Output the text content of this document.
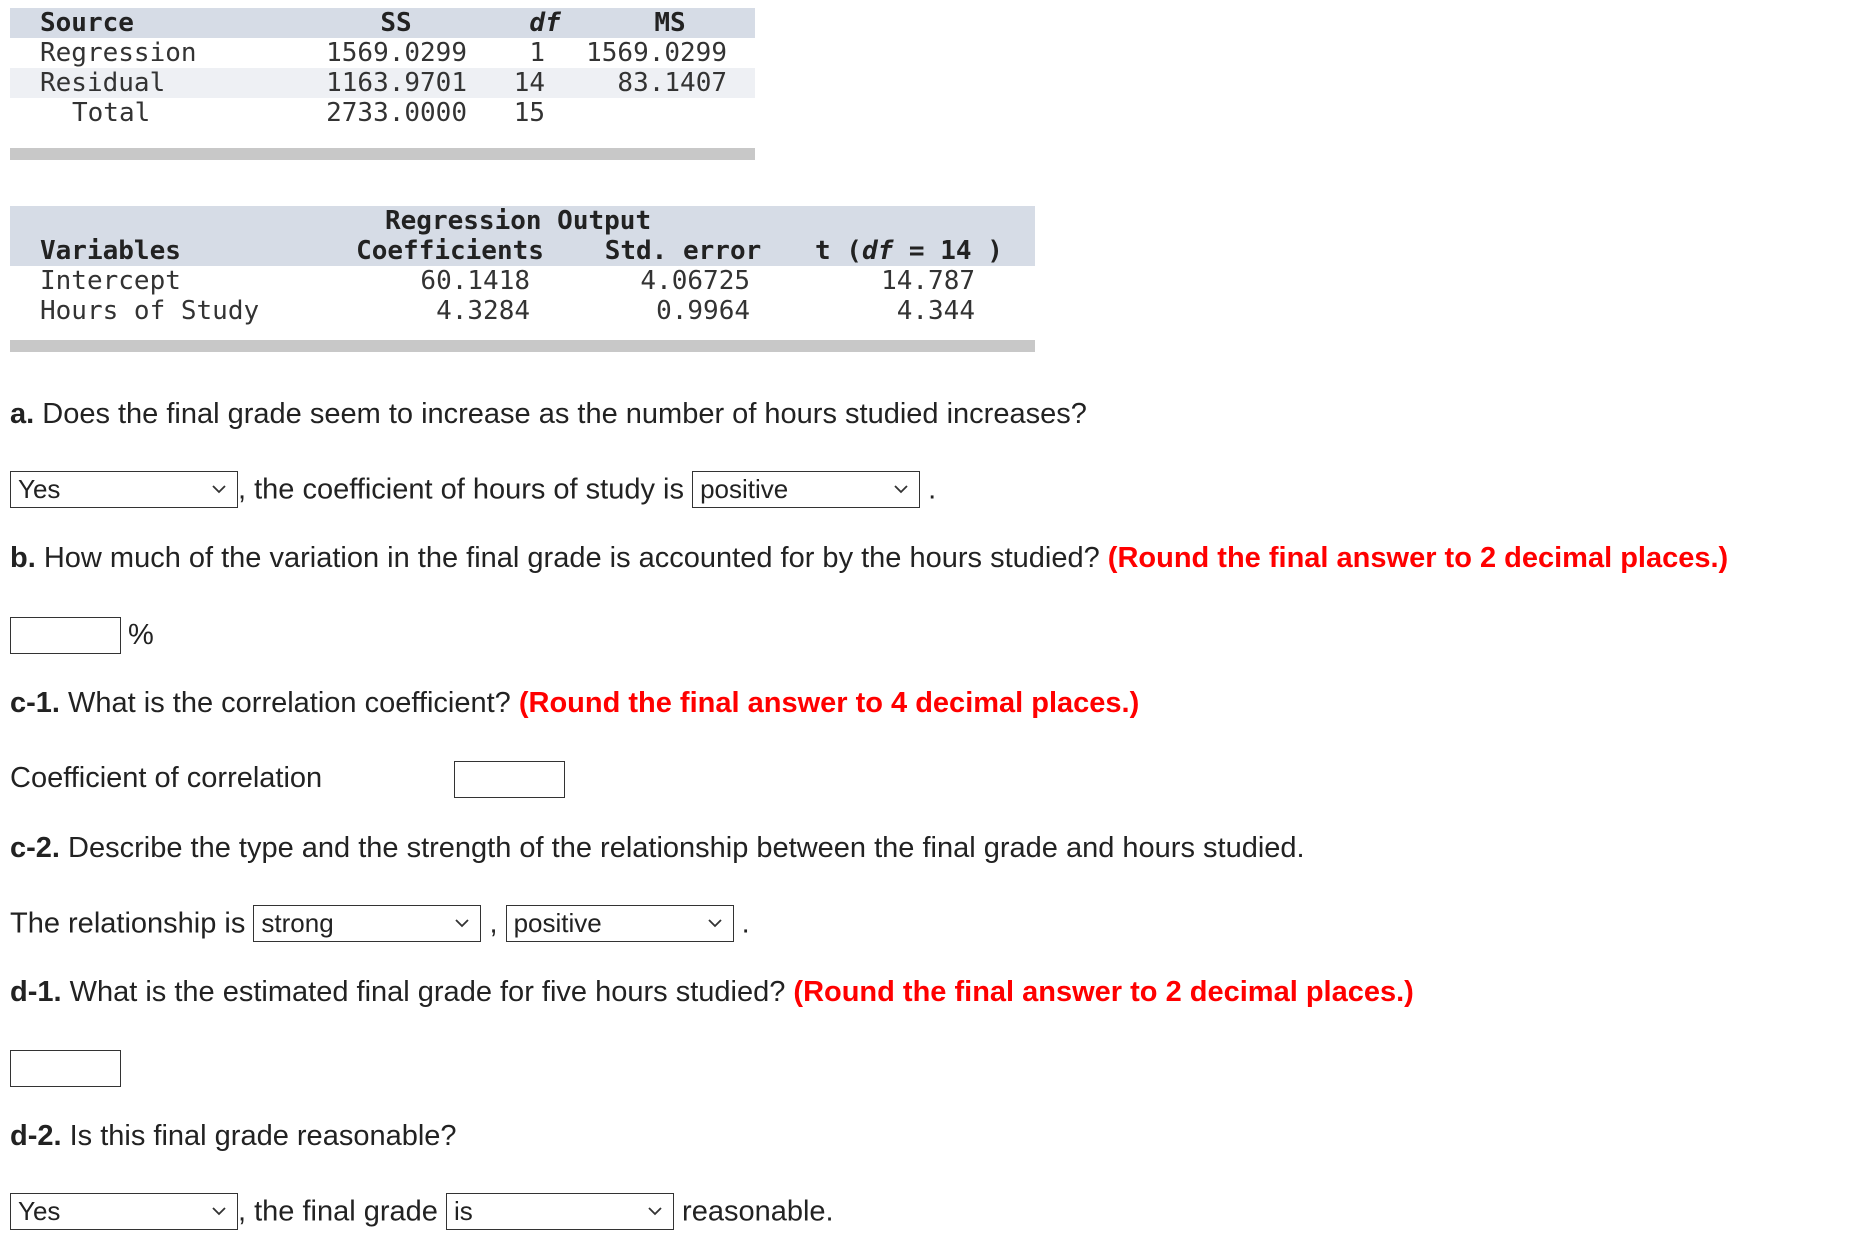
Source	SS	df	MS
Regression	1569.0299	1	1569.0299
Residual	1163.9701	14	83.1407
Total	2733.0000	15
Regression Output
Variables	Coefficients	Std. error	t (df = 14 )
Intercept	60.1418	4.06725	14.787
Hours of Study	4.3284	0.9964	4.344
a. Does the final grade seem to increase as the number of hours studied increases?
Yes	, the coefficient of hours of study is positive	.
b. How much of the variation in the final grade is accounted for by the hours studied? (Round the final answer to 2 decimal places.)
%
c-1. What is the correlation coefficient? (Round the final answer to 4 decimal places.)
Coefficient of correlation
c-2. Describe the type and the strength of the relationship between the final grade and hours studied.
The relationship is strong	, positive	.
d-1. What is the estimated final grade for five hours studied? (Round the final answer to 2 decimal places.)
d-2. Is this final grade reasonable?
Yes	, the final grade is	reasonable.
